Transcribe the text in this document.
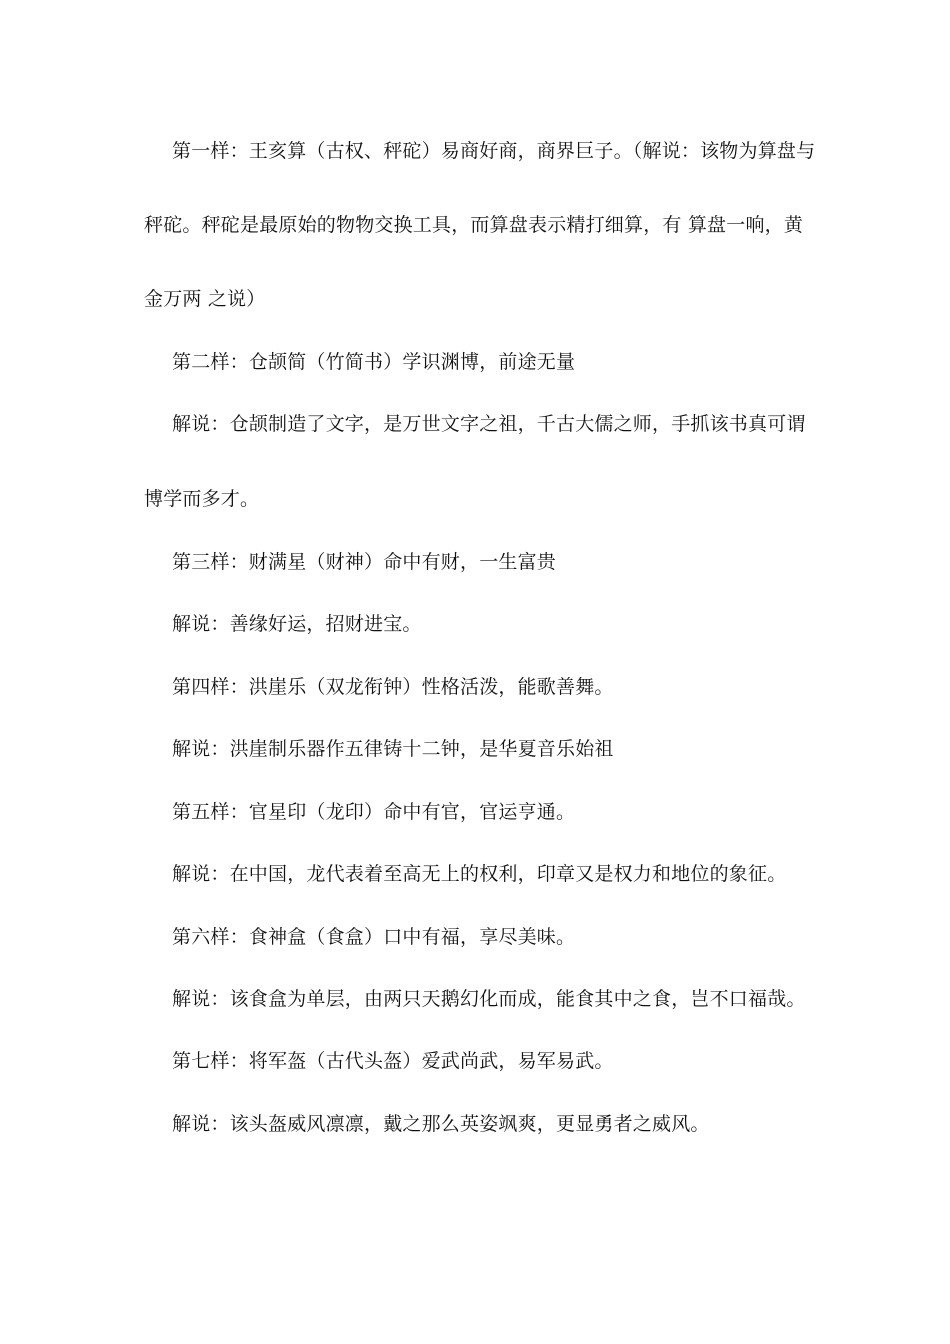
第一样：王亥算（古权、秤砣）易商好商，商界巨子。（解说：该物为算盘与
秤砣。秤砣是最原始的物物交换工具，而算盘表示精打细算，有 算盘一响，黄
金万两 之说）
第二样：仓颉简（竹简书）学识渊博，前途无量
解说：仓颉制造了文字，是万世文字之祖，千古大儒之师，手抓该书真可谓
博学而多才。
第三样：财满星（财神）命中有财，一生富贵
解说：善缘好运，招财进宝。
第四样：洪崖乐（双龙衔钟）性格活泼，能歌善舞。
解说：洪崖制乐器作五律铸十二钟，是华夏音乐始祖
第五样：官星印（龙印）命中有官，官运亨通。
解说：在中国，龙代表着至高无上的权利，印章又是权力和地位的象征。
第六样：食神盒（食盒）口中有福，享尽美味。
解说：该食盒为单层，由两只天鹅幻化而成，能食其中之食，岂不口福哉。
第七样：将军盔（古代头盔）爱武尚武，易军易武。
解说：该头盔威风凛凛，戴之那么英姿飒爽，更显勇者之威风。
